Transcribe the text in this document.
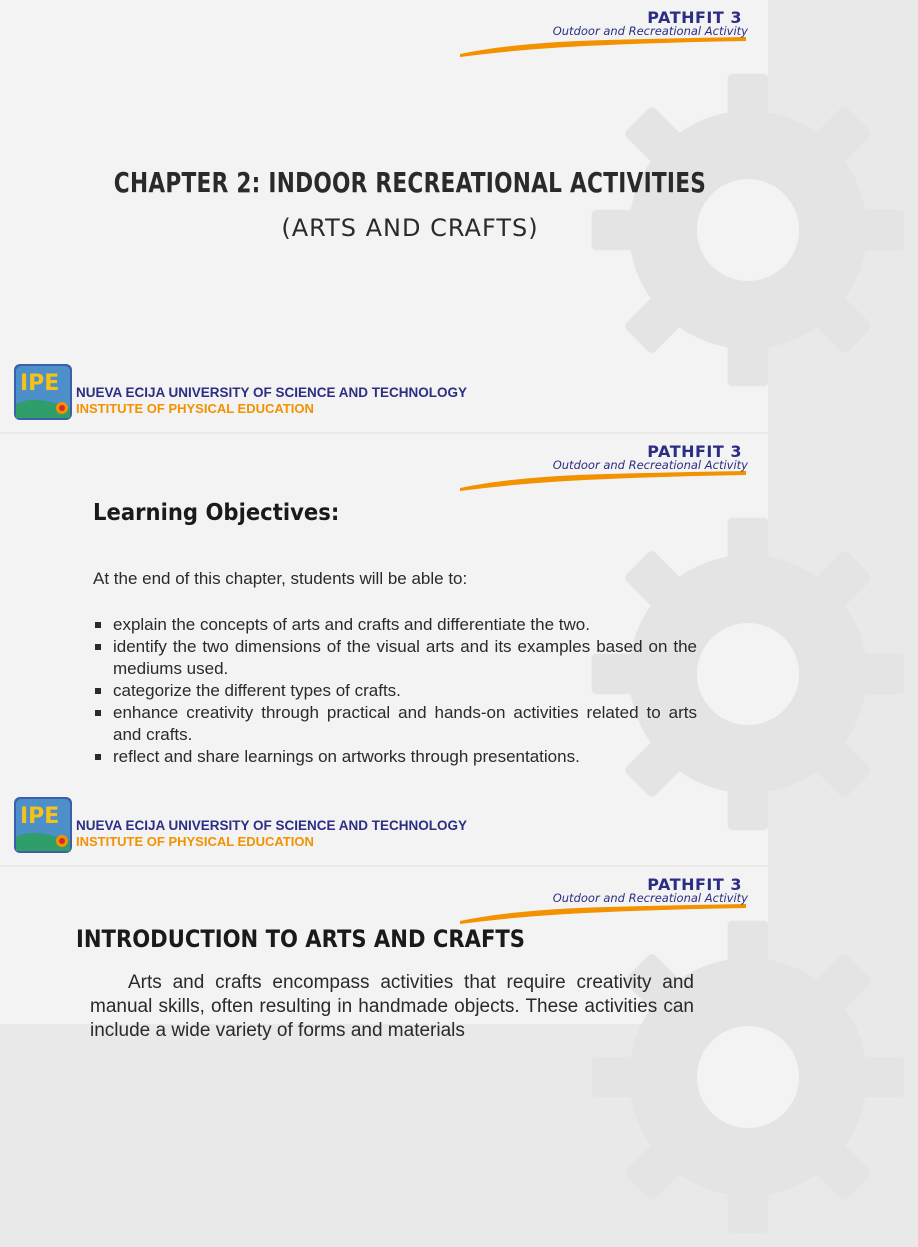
PATHFIT 3
Outdoor and Recreational Activity
CHAPTER 2: INDOOR RECREATIONAL ACTIVITIES
(ARTS AND CRAFTS)
NUEVA ECIJA UNIVERSITY OF SCIENCE AND TECHNOLOGY
INSTITUTE OF PHYSICAL EDUCATION
PATHFIT 3
Outdoor and Recreational Activity
Learning Objectives:
At the end of this chapter, students will be able to:
explain the concepts of arts and crafts and differentiate the two.
identify the two dimensions of the visual arts and its examples based on the mediums used.
categorize the different types of crafts.
enhance creativity through practical and hands-on activities related to arts and crafts.
reflect and share learnings on artworks through presentations.
NUEVA ECIJA UNIVERSITY OF SCIENCE AND TECHNOLOGY
INSTITUTE OF PHYSICAL EDUCATION
PATHFIT 3
Outdoor and Recreational Activity
INTRODUCTION TO ARTS AND CRAFTS
Arts and crafts encompass activities that require creativity and manual skills, often resulting in handmade objects. These activities can include a wide variety of forms and materials
